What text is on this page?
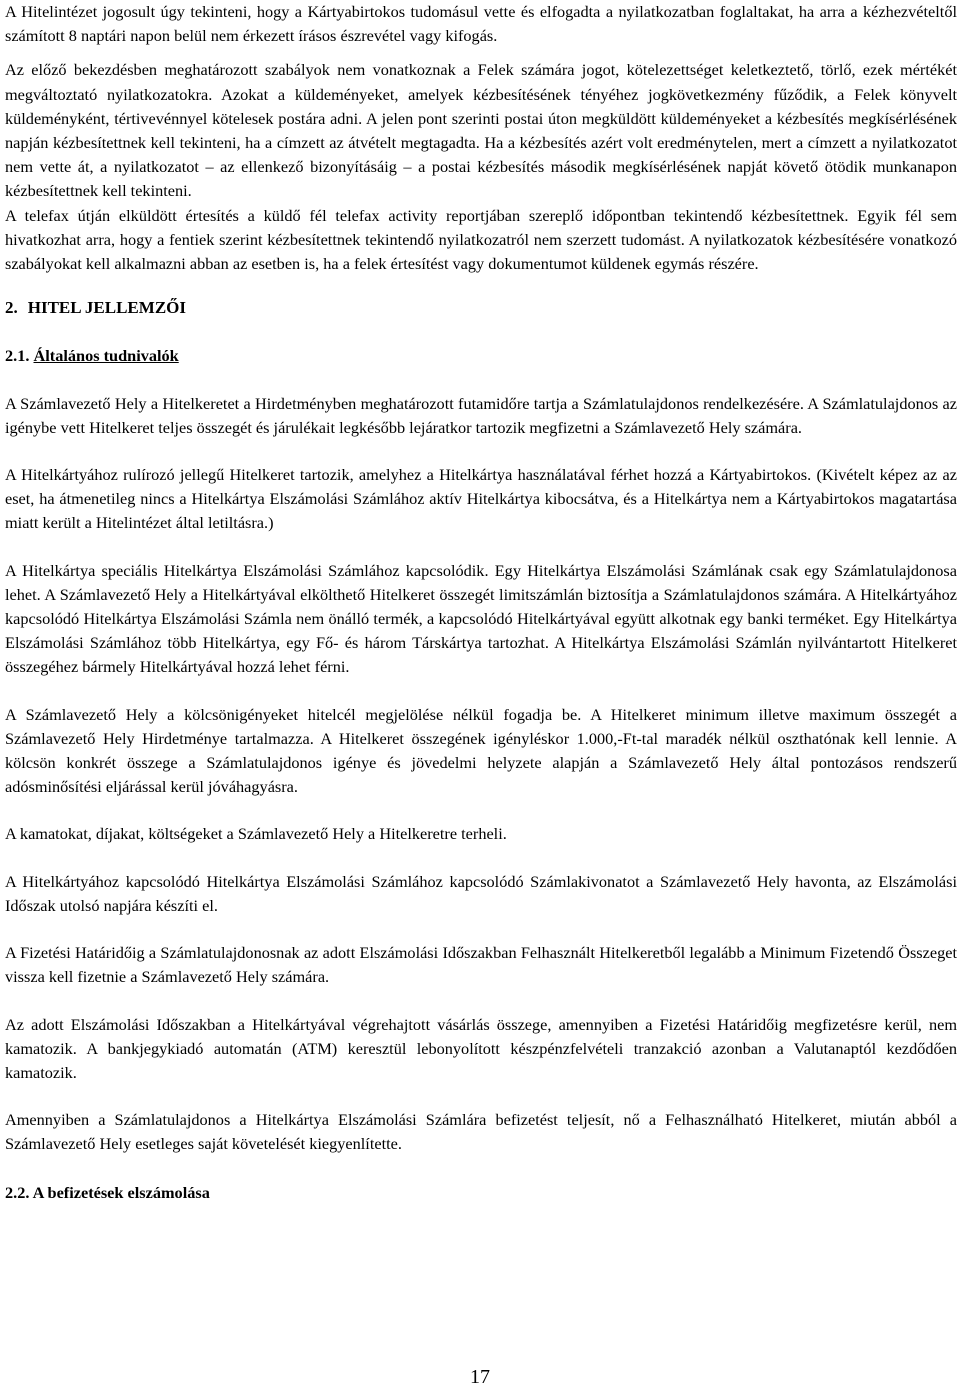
A Hitelintézet jogosult úgy tekinteni, hogy a Kártyabirtokos tudomásul vette és elfogadta a nyilatkozatban foglaltakat, ha arra a kézhezvételtől számított 8 naptári napon belül nem érkezett írásos észrevétel vagy kifogás.

Az előző bekezdésben meghatározott szabályok nem vonatkoznak a Felek számára jogot, kötelezettséget keletkeztető, törlő, ezek mértékét megváltoztató nyilatkozatokra. Azokat a küldeményeket, amelyek kézbesítésének tényéhez jogkövetkezmény fűződik, a Felek könyvelt küldeményként, tértivevénnyel kötelesek postára adni. A jelen pont szerinti postai úton megküldött küldeményeket a kézbesítés megkísérlésének napján kézbesítettnek kell tekinteni, ha a címzett az átvételt megtagadta. Ha a kézbesítés azért volt eredménytelen, mert a címzett a nyilatkozatot nem vette át, a nyilatkozatot – az ellenkező bizonyításáig – a postai kézbesítés második megkísérlésének napját követő ötödik munkanapon kézbesítettnek kell tekinteni.

A telefax útján elküldött értesítés a küldő fél telefax activity reportjában szereplő időpontban tekintendő kézbesítettnek. Egyik fél sem hivatkozhat arra, hogy a fentiek szerint kézbesítettnek tekintendő nyilatkozatról nem szerzett tudomást. A nyilatkozatok kézbesítésére vonatkozó szabályokat kell alkalmazni abban az esetben is, ha a felek értesítést vagy dokumentumot küldenek egymás részére.

2. HITEL JELLEMZŐI
2.1. Általános tudnivalók

A Számlavezető Hely a Hitelkeretet a Hirdetményben meghatározott futamidőre tartja a Számlatulajdonos rendelkezésére. A Számlatulajdonos az igénybe vett Hitelkeret teljes összegét és járulékait legkésőbb lejáratkor tartozik megfizetni a Számlavezető Hely számára.

A Hitelkártyához rulírozó jellegű Hitelkeret tartozik, amelyhez a Hitelkártya használatával férhet hozzá a Kártyabirtokos. (Kivételt képez az az eset, ha átmenetileg nincs a Hitelkártya Elszámolási Számlához aktív Hitelkártya kibocsátva, és a Hitelkártya nem a Kártyabirtokos magatartása miatt került a Hitelintézet által letiltásra.)

A Hitelkártya speciális Hitelkártya Elszámolási Számlához kapcsolódik. Egy Hitelkártya Elszámolási Számlának csak egy Számlatulajdonosa lehet. A Számlavezető Hely a Hitelkártyával elkölthető Hitelkeret összegét limitszámlán biztosítja a Számlatulajdonos számára. A Hitelkártyához kapcsolódó Hitelkártya Elszámolási Számla nem önálló termék, a kapcsolódó Hitelkártyával együtt alkotnak egy banki terméket. Egy Hitelkártya Elszámolási Számlához több Hitelkártya, egy Fő- és három Társkártya tartozhat. A Hitelkártya Elszámolási Számlán nyilvántartott Hitelkeret összegéhez bármely Hitelkártyával hozzá lehet férni.

A Számlavezető Hely a kölcsönigényeket hitelcél megjelölése nélkül fogadja be. A Hitelkeret minimum illetve maximum összegét a Számlavezető Hely Hirdetménye tartalmazza. A Hitelkeret összegének igényléskor 1.000,-Ft-tal maradék nélkül oszthatónak kell lennie. A kölcsön konkrét összege a Számlatulajdonos igénye és jövedelmi helyzete alapján a Számlavezető Hely által pontozásos rendszerű adósminősítési eljárással kerül jóváhagyásra.

A kamatokat, díjakat, költségeket a Számlavezető Hely a Hitelkeretre terheli.

A Hitelkártyához kapcsolódó Hitelkártya Elszámolási Számlához kapcsolódó Számlakivonatot a Számlavezető Hely havonta, az Elszámolási Időszak utolsó napjára készíti el.

A Fizetési Határidőig a Számlatulajdonosnak az adott Elszámolási Időszakban Felhasznált Hitelkeretből legalább a Minimum Fizetendő Összeget vissza kell fizetnie a Számlavezető Hely számára.

Az adott Elszámolási Időszakban a Hitelkártyával végrehajtott vásárlás összege, amennyiben a Fizetési Határidőig megfizetésre kerül, nem kamatozik. A bankjegykiadó automatán (ATM) keresztül lebonyolított készpénzfelvételi tranzakció azonban a Valutanaptól kezdődően kamatozik.

Amennyiben a Számlatulajdonos a Hitelkártya Elszámolási Számlára befizetést teljesít, nő a Felhasználható Hitelkeret, miután abból a Számlavezető Hely esetleges saját követelését kiegyenlítette.

2.2. A befizetések elszámolása
17
